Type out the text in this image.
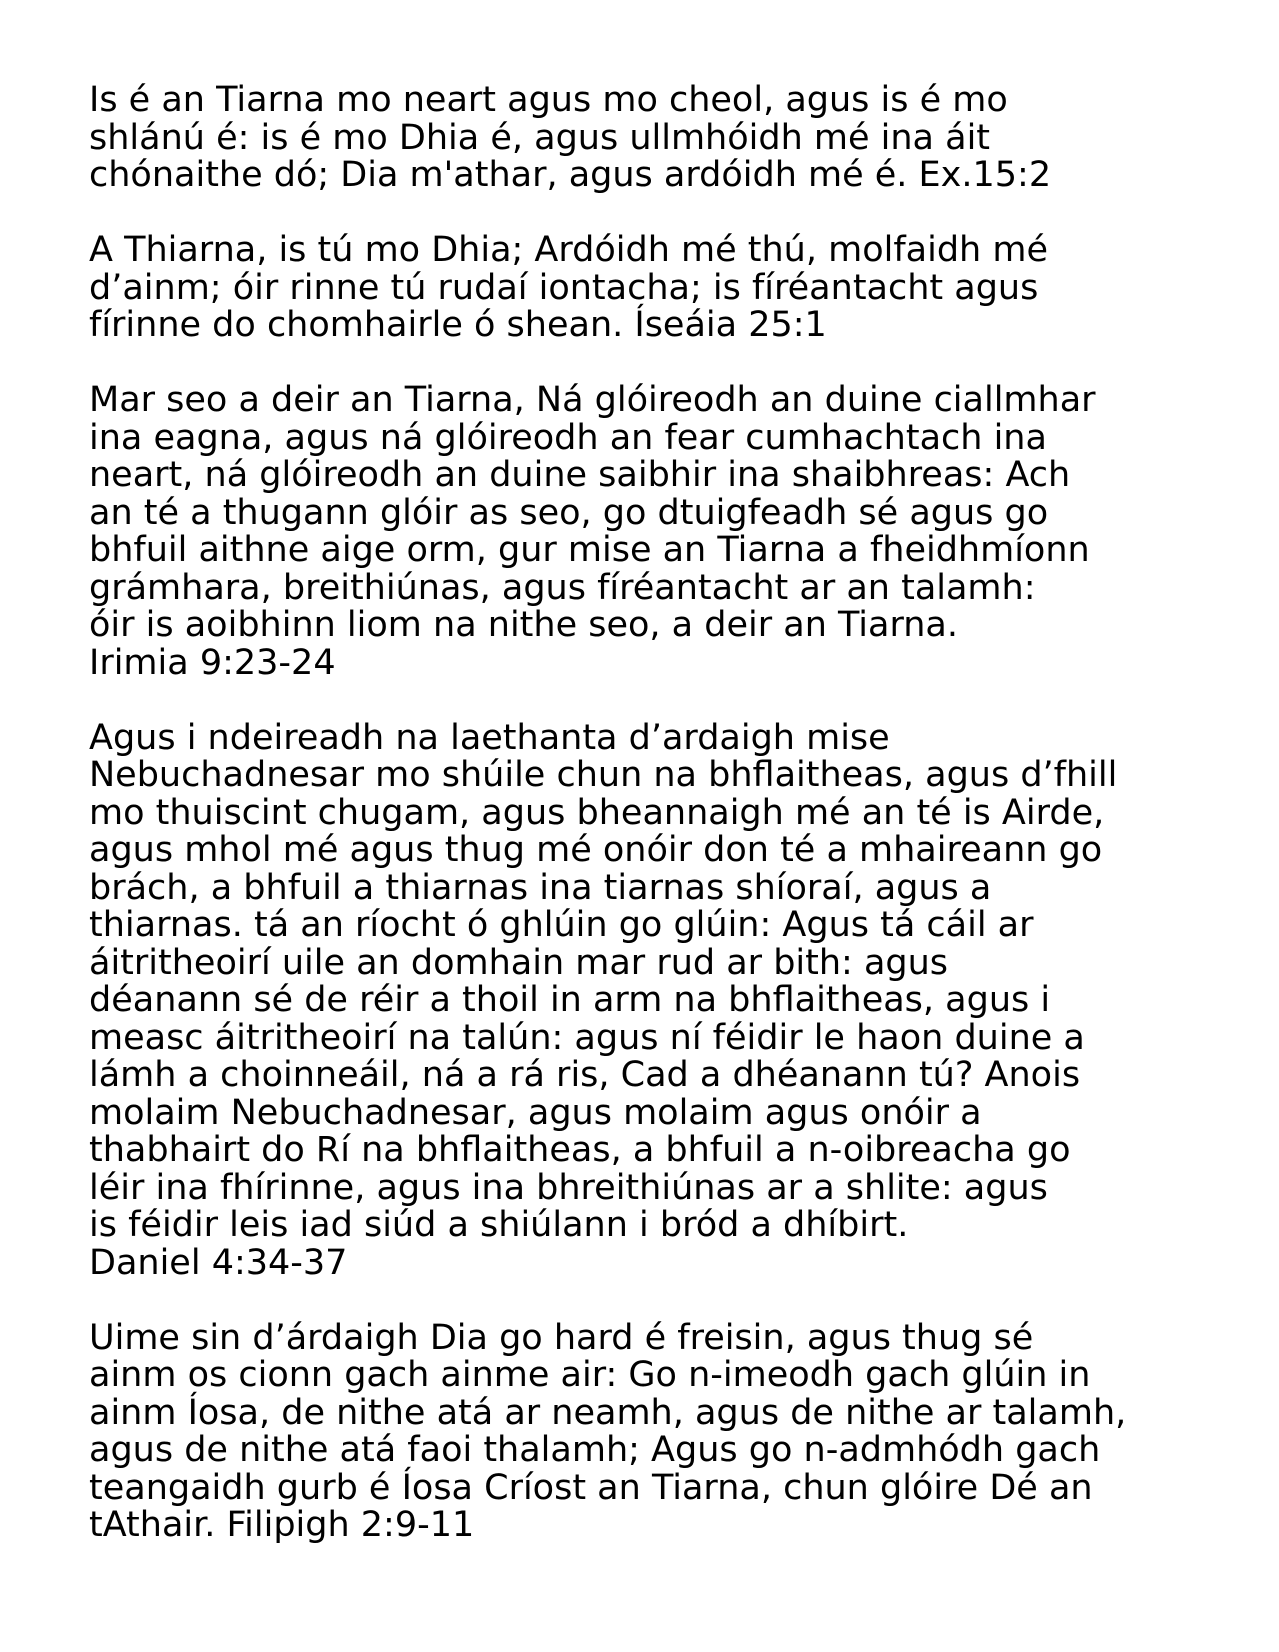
Is é an Tiarna mo neart agus mo cheol, agus is é mo
shlánú é: is é mo Dhia é, agus ullmhóidh mé ina áit
chónaithe dó; Dia m'athar, agus ardóidh mé é. Ex.15:2
A Thiarna, is tú mo Dhia; Ardóidh mé thú, molfaidh mé
d’ainm; óir rinne tú rudaí iontacha; is fíréantacht agus
fírinne do chomhairle ó shean. Íseáia 25:1
Mar seo a deir an Tiarna, Ná glóireodh an duine ciallmhar
ina eagna, agus ná glóireodh an fear cumhachtach ina
neart, ná glóireodh an duine saibhir ina shaibhreas: Ach
an té a thugann glóir as seo, go dtuigfeadh sé agus go
bhfuil aithne aige orm, gur mise an Tiarna a fheidhmíonn
grámhara, breithiúnas, agus fíréantacht ar an talamh:
óir is aoibhinn liom na nithe seo, a deir an Tiarna.
Irimia 9:23-24
Agus i ndeireadh na laethanta d’ardaigh mise
Nebuchadnesar mo shúile chun na bhflaitheas, agus d’fhill
mo thuiscint chugam, agus bheannaigh mé an té is Airde,
agus mhol mé agus thug mé onóir don té a mhaireann go
brách, a bhfuil a thiarnas ina tiarnas shíoraí, agus a
thiarnas. tá an ríocht ó ghlúin go glúin: Agus tá cáil ar
áitritheoirí uile an domhain mar rud ar bith: agus
déanann sé de réir a thoil in arm na bhflaitheas, agus i
measc áitritheoirí na talún: agus ní féidir le haon duine a
lámh a choinneáil, ná a rá ris, Cad a dhéanann tú? Anois
molaim Nebuchadnesar, agus molaim agus onóir a
thabhairt do Rí na bhflaitheas, a bhfuil a n-oibreacha go
léir ina fhírinne, agus ina bhreithiúnas ar a shlite: agus
is féidir leis iad siúd a shiúlann i bród a dhíbirt.
Daniel 4:34-37
Uime sin d’árdaigh Dia go hard é freisin, agus thug sé
ainm os cionn gach ainme air: Go n-imeodh gach glúin in
ainm Íosa, de nithe atá ar neamh, agus de nithe ar talamh,
agus de nithe atá faoi thalamh; Agus go n-admhódh gach
teangaidh gurb é Íosa Críost an Tiarna, chun glóire Dé an
tAthair. Filipigh 2:9-11
